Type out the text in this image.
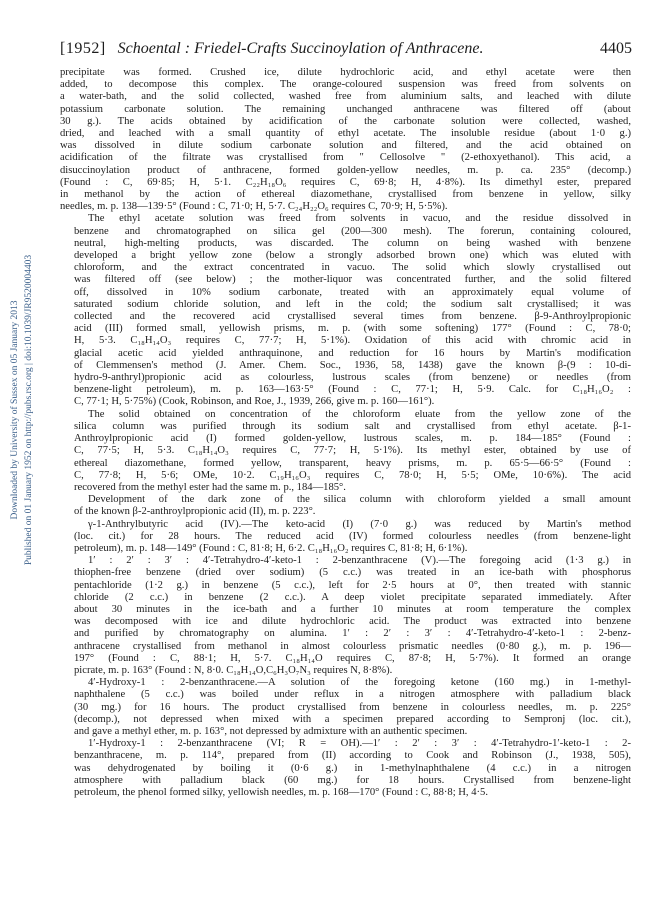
[1952] Schoental : Friedel-Crafts Succinoylation of Anthracene.	4405
Downloaded by University of Sussex on 05 January 2013 Published on 01 January 1952 on http://pubs.rsc.org | doi:10.1039/JR9520004403

precipitate was formed. Crushed ice, dilute hydrochloric acid, and ethyl acetate were then
added, to decompose this complex. The orange-coloured suspension was freed from solvents on
a water-bath, and the solid collected, washed free from aluminium salts, and leached with dilute
potassium carbonate solution. The remaining unchanged anthracene was filtered off (about
30 g.). The acids obtained by acidification of the carbonate solution were collected, washed,
dried, and leached with a small quantity of ethyl acetate. The insoluble residue (about 1·0 g.)
was dissolved in dilute sodium carbonate solution and filtered, and the acid obtained on
acidification of the filtrate was crystallised from " Cellosolve " (2-ethoxyethanol). This acid, a
disuccinoylation product of anthracene, formed golden-yellow needles, m. p. ca. 235° (decomp.)
(Found : C, 69·85; H, 5·1. C₂₂H₁₈O₆ requires C, 69·8; H, 4·8%). Its dimethyl ester, prepared
in methanol by the action of ethereal diazomethane, crystallised from benzene in yellow, silky
needles, m. p. 138—139·5° (Found : C, 71·0; H, 5·7. C₂₄H₂₂O₆ requires C, 70·9; H, 5·5%).

The ethyl acetate solution was freed from solvents in vacuo, and the residue dissolved in
benzene and chromatographed on silica gel (200—300 mesh). The forerun, containing coloured,
neutral, high-melting products, was discarded. The column on being washed with benzene
developed a bright yellow zone (below a strongly adsorbed brown one) which was eluted with
chloroform, and the extract concentrated in vacuo. The solid which slowly crystallised out
was filtered off (see below) ; the mother-liquor was concentrated further, and the solid filtered
off, dissolved in 10% sodium carbonate, treated with an approximately equal volume of
saturated sodium chloride solution, and left in the cold; the sodium salt crystallised; it was
collected and the recovered acid crystallised several times from benzene. β-9-Anthroylpropionic
acid (III) formed small, yellowish prisms, m. p. (with some softening) 177° (Found : C, 78·0;
H, 5·3. C₁₈H₁₄O₃ requires C, 77·7; H, 5·1%). Oxidation of this acid with chromic acid in
glacial acetic acid yielded anthraquinone, and reduction for 16 hours by Martin's modification
of Clemmensen's method (J. Amer. Chem. Soc., 1936, 58, 1438) gave the known β-(9 : 10-di-
hydro-9-anthryl)propionic acid as colourless, lustrous scales (from benzene) or needles (from
benzene-light petroleum), m. p. 163—163·5° (Found : C, 77·1; H, 5·9. Calc. for C₁₈H₁₆O₂ :
C, 77·1; H, 5·75%) (Cook, Robinson, and Roe, J., 1939, 266, give m. p. 160—161°).

The solid obtained on concentration of the chloroform eluate from the yellow zone of the
silica column was purified through its sodium salt and crystallised from ethyl acetate. β-1-
Anthroylpropionic acid (I) formed golden-yellow, lustrous scales, m. p. 184—185° (Found :
C, 77·5; H, 5·3. C₁₈H₁₄O₃ requires C, 77·7; H, 5·1%). Its methyl ester, obtained by use of
ethereal diazomethane, formed yellow, transparent, heavy prisms, m. p. 65·5—66·5° (Found :
C, 77·8; H, 5·6; OMe, 10·2. C₁₉H₁₆O₃ requires C, 78·0; H, 5·5; OMe, 10·6%). The acid
recovered from the methyl ester had the same m. p., 184—185°.

Development of the dark zone of the silica column with chloroform yielded a small amount
of the known β-2-anthroylpropionic acid (II), m. p. 223°.

γ-1-Anthrylbutyric acid (IV).—The keto-acid (I) (7·0 g.) was reduced by Martin's method
(loc. cit.) for 28 hours. The reduced acid (IV) formed colourless needles (from benzene-light
petroleum), m. p. 148—149° (Found : C, 81·8; H, 6·2. C₁₈H₁₆O₂ requires C, 81·8; H, 6·1%).

1′ : 2′ : 3′ : 4′-Tetrahydro-4′-keto-1 : 2-benzanthracene (V).—The foregoing acid (1·3 g.) in
thiophen-free benzene (dried over sodium) (5 c.c.) was treated in an ice-bath with phosphorus
pentachloride (1·2 g.) in benzene (5 c.c.), left for 2·5 hours at 0°, then treated with stannic
chloride (2 c.c.) in benzene (2 c.c.). A deep violet precipitate separated immediately. After
about 30 minutes in the ice-bath and a further 10 minutes at room temperature the complex
was decomposed with ice and dilute hydrochloric acid. The product was extracted into benzene
and purified by chromatography on alumina. 1′ : 2′ : 3′ : 4′-Tetrahydro-4′-keto-1 : 2-benz-
anthracene crystallised from methanol in almost colourless prismatic needles (0·80 g.), m. p. 196—
197° (Found : C, 88·1; H, 5·7. C₁₈H₁₄O requires C, 87·8; H, 5·7%). It formed an orange
picrate, m. p. 163° (Found : N, 8·0. C₁₈H₁₄O,C₆H₃O₇N₃ requires N, 8·8%).

4′-Hydroxy-1 : 2-benzanthracene.—A solution of the foregoing ketone (160 mg.) in 1-methyl-
naphthalene (5 c.c.) was boiled under reflux in a nitrogen atmosphere with palladium black
(30 mg.) for 16 hours. The product crystallised from benzene in colourless needles, m. p. 225°
(decomp.), not depressed when mixed with a specimen prepared according to Sempronj (loc. cit.),
and gave a methyl ether, m. p. 163°, not depressed by admixture with an authentic specimen.

1′-Hydroxy-1 : 2-benzanthracene (VI; R = OH).—1′ : 2′ : 3′ : 4′-Tetrahydro-1′-keto-1 : 2-
benzanthracene, m. p. 114°, prepared from (II) according to Cook and Robinson (J., 1938, 505),
was dehydrogenated by boiling it (0·6 g.) in 1-methylnaphthalene (4 c.c.) in a nitrogen
atmosphere with palladium black (60 mg.) for 18 hours. Crystallised from benzene-light
petroleum, the phenol formed silky, yellowish needles, m. p. 168—170° (Found : C, 88·8; H, 4·5.
